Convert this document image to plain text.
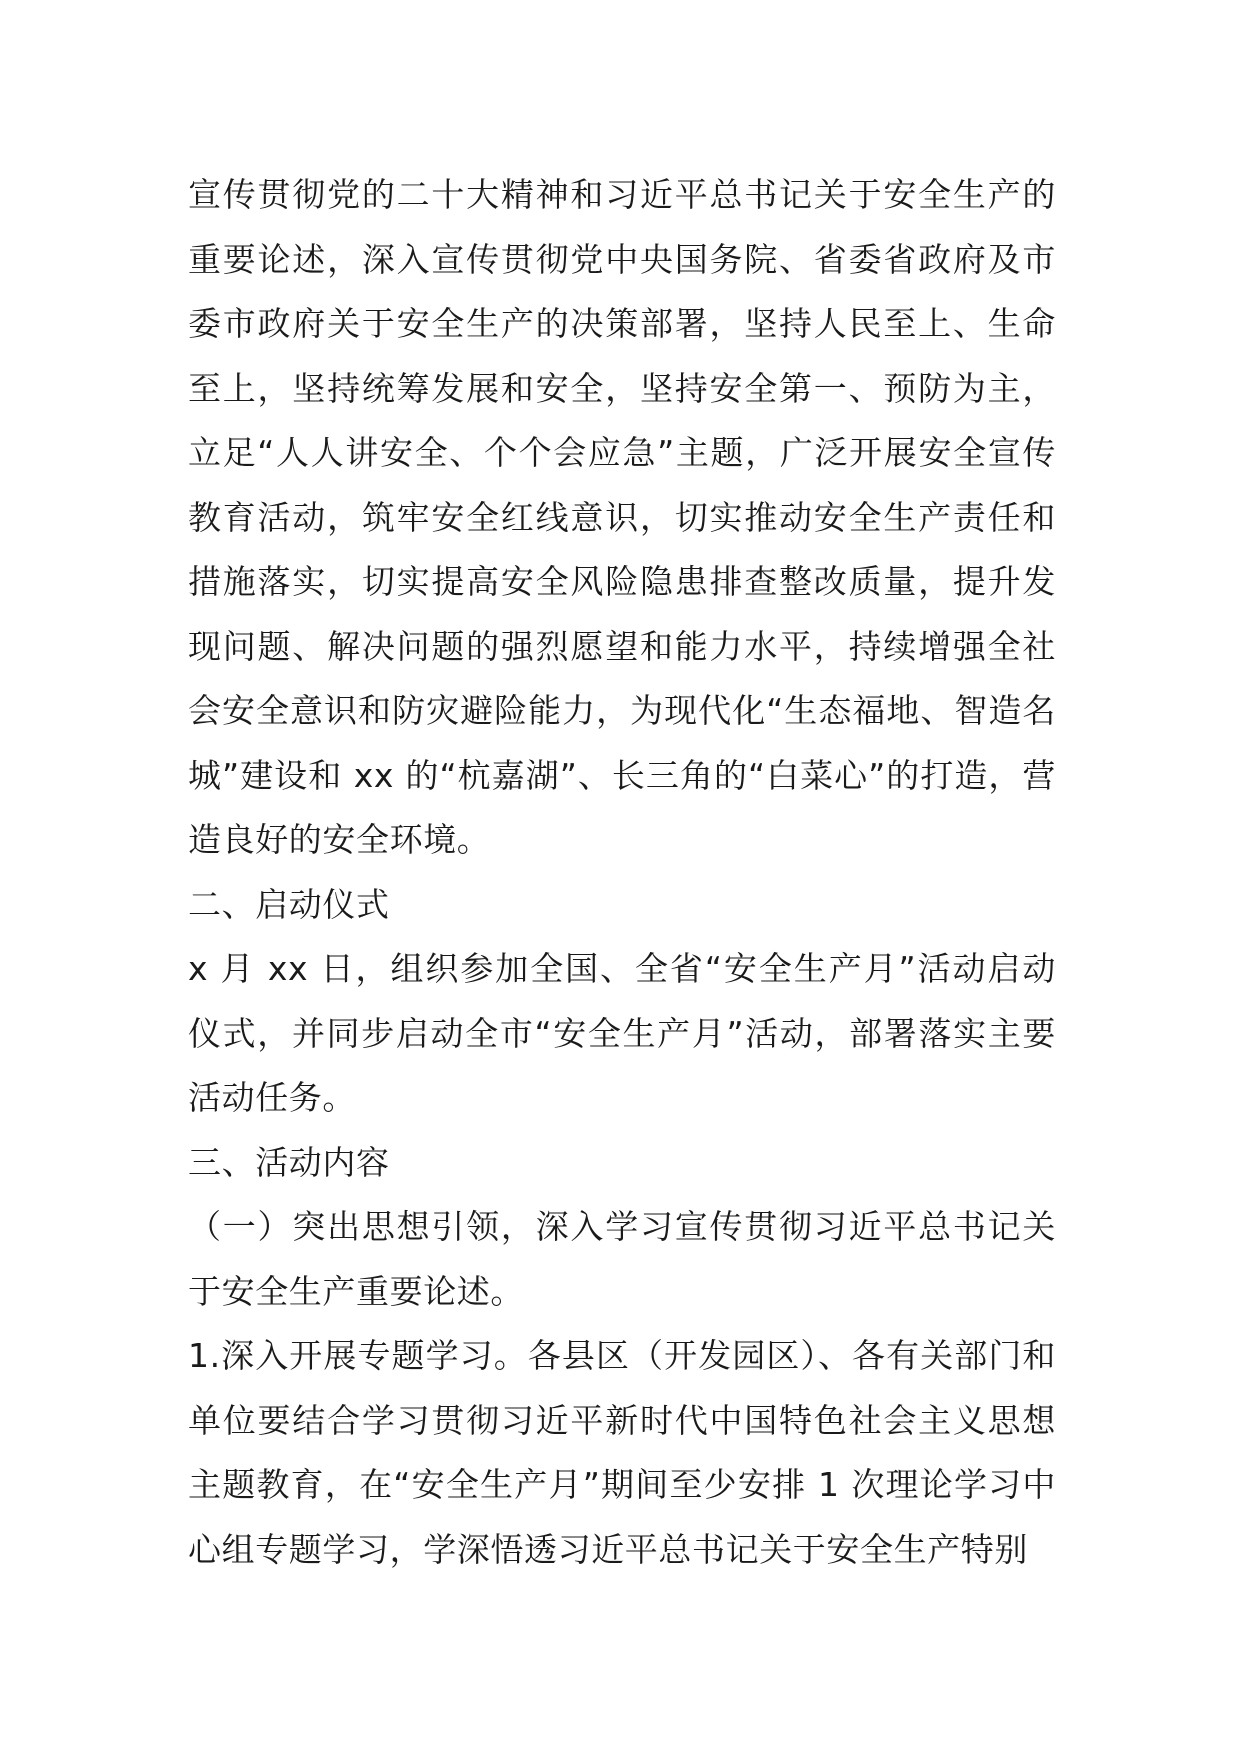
宣传贯彻党的二十大精神和习近平总书记关于安全生产的重要论述，深入宣传贯彻党中央国务院、省委省政府及市委市政府关于安全生产的决策部署，坚持人民至上、生命至上，坚持统筹发展和安全，坚持安全第一、预防为主，立足“人人讲安全、个个会应急”主题，广泛开展安全宣传教育活动，筑牢安全红线意识，切实推动安全生产责任和措施落实，切实提高安全风险隐患排查整改质量，提升发现问题、解决问题的强烈愿望和能力水平，持续增强全社会安全意识和防灾避险能力，为现代化“生态福地、智造名城”建设和 xx 的“杭嘉湖”、长三角的“白菜心”的打造，营造良好的安全环境。

二、启动仪式

x 月 xx 日，组织参加全国、全省“安全生产月”活动启动仪式，并同步启动全市“安全生产月”活动，部署落实主要活动任务。

三、活动内容

（一）突出思想引领，深入学习宣传贯彻习近平总书记关于安全生产重要论述。

1.深入开展专题学习。各县区（开发园区）、各有关部门和单位要结合学习贯彻习近平新时代中国特色社会主义思想主题教育，在“安全生产月”期间至少安排 1 次理论学习中心组专题学习，学深悟透习近平总书记关于安全生产特别
